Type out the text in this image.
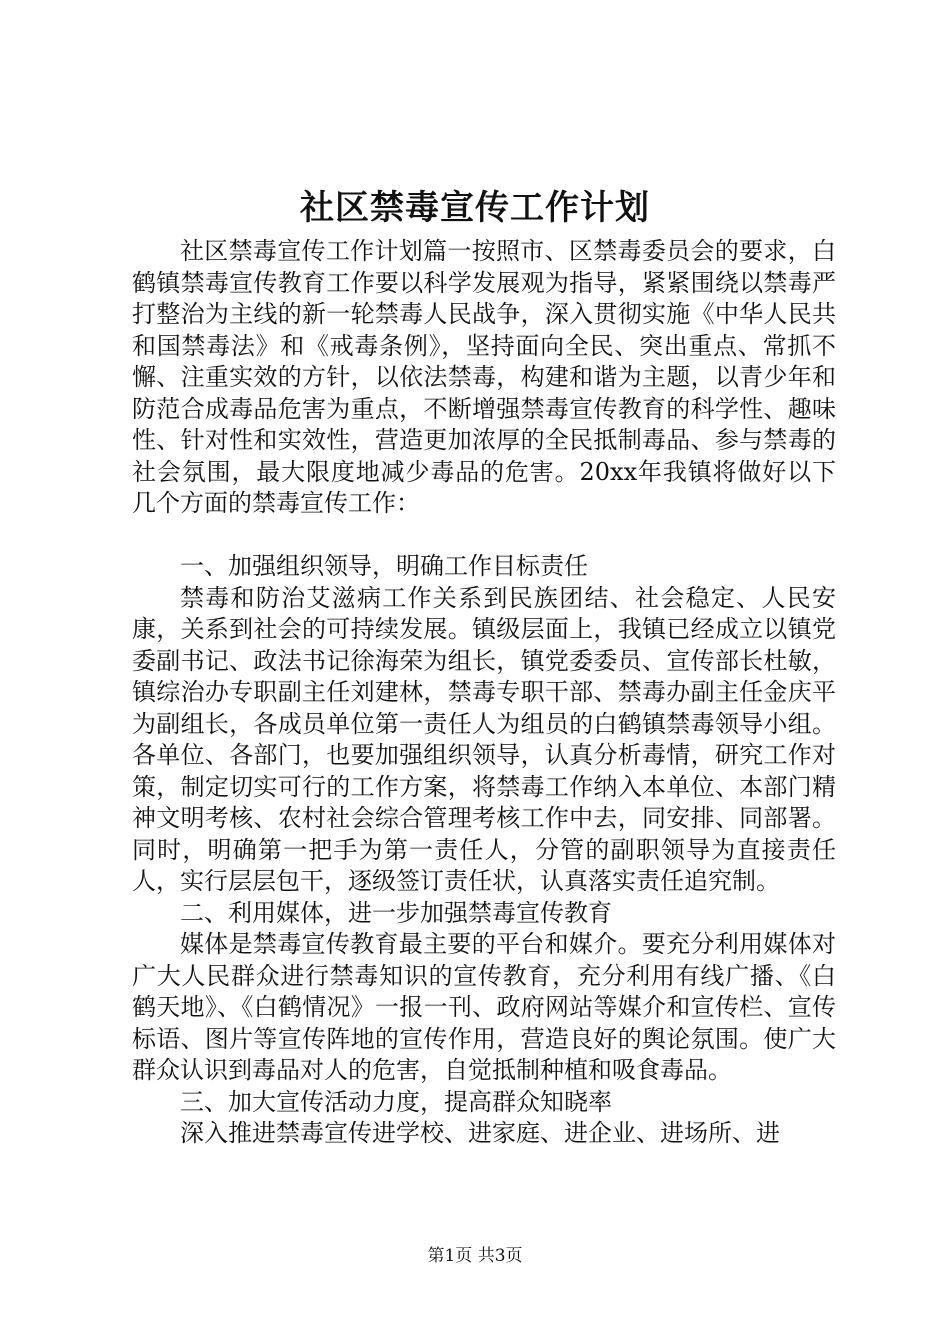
社区禁毒宣传工作计划

社区禁毒宣传工作计划篇一按照市、区禁毒委员会的要求，白鹤镇禁毒宣传教育工作要以科学发展观为指导，紧紧围绕以禁毒严打整治为主线的新一轮禁毒人民战争，深入贯彻实施《中华人民共和国禁毒法》和《戒毒条例》，坚持面向全民、突出重点、常抓不懈、注重实效的方针，以依法禁毒，构建和谐为主题，以青少年和防范合成毒品危害为重点，不断增强禁毒宣传教育的科学性、趣味性、针对性和实效性，营造更加浓厚的全民抵制毒品、参与禁毒的社会氛围，最大限度地减少毒品的危害。20xx年我镇将做好以下几个方面的禁毒宣传工作：

一、加强组织领导，明确工作目标责任

禁毒和防治艾滋病工作关系到民族团结、社会稳定、人民安康，关系到社会的可持续发展。镇级层面上，我镇已经成立以镇党委副书记、政法书记徐海荣为组长，镇党委委员、宣传部长杜敏，镇综治办专职副主任刘建林，禁毒专职干部、禁毒办副主任金庆平为副组长，各成员单位第一责任人为组员的白鹤镇禁毒领导小组。各单位、各部门，也要加强组织领导，认真分析毒情，研究工作对策，制定切实可行的工作方案，将禁毒工作纳入本单位、本部门精神文明考核、农村社会综合管理考核工作中去，同安排、同部署。同时，明确第一把手为第一责任人，分管的副职领导为直接责任人，实行层层包干，逐级签订责任状，认真落实责任追究制。

二、利用媒体，进一步加强禁毒宣传教育

媒体是禁毒宣传教育最主要的平台和媒介。要充分利用媒体对广大人民群众进行禁毒知识的宣传教育，充分利用有线广播、《白鹤天地》、《白鹤情况》一报一刊、政府网站等媒介和宣传栏、宣传标语、图片等宣传阵地的宣传作用，营造良好的舆论氛围。使广大群众认识到毒品对人的危害，自觉抵制种植和吸食毒品。

三、加大宣传活动力度，提高群众知晓率

深入推进禁毒宣传进学校、进家庭、进企业、进场所、进

第1页 共3页
